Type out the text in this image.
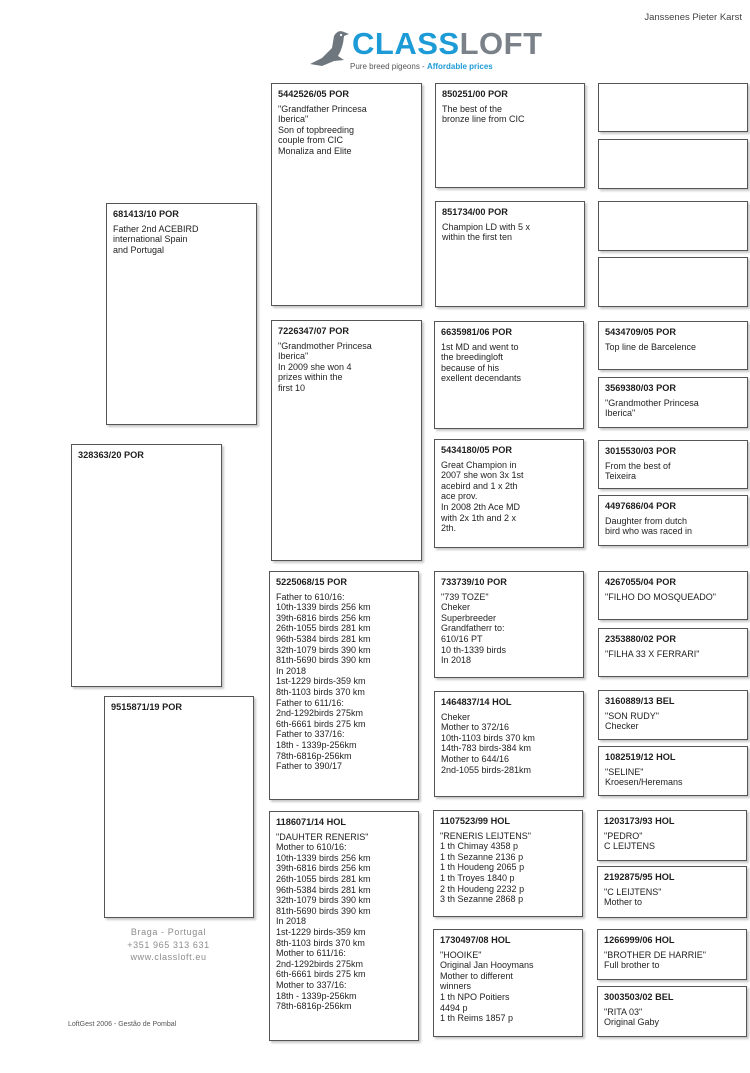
Janssenes Pieter Karst
CLASSLOFT
Pure breed pigeons - Affordable prices
328363/20 POR
681413/10 POR
Father 2nd ACEBIRD
international Spain
and Portugal
9515871/19 POR
5442526/05 POR
"Grandfather Princesa
Iberica"
Son of topbreeding
couple from CIC
Monaliza and Elite
7226347/07 POR
"Grandmother Princesa
Iberica"
In 2009 she won 4
prizes within the
first 10
5225068/15 POR
Father to 610/16:
10th-1339 birds 256 km
39th-6816 birds 256 km
26th-1055 birds 281 km
96th-5384 birds 281 km
32th-1079 birds 390 km
81th-5690 birds 390 km
In 2018
1st-1229 birds-359 km
8th-1103 birds 370 km
Father to 611/16:
2nd-1292birds 275km
6th-6661 birds 275 km
Father to 337/16:
18th - 1339p-256km
78th-6816p-256km
Father to 390/17
1186071/14 HOL
"DAUHTER RENERIS"
Mother to 610/16:
10th-1339 birds 256 km
39th-6816 birds 256 km
26th-1055 birds 281 km
96th-5384 birds 281 km
32th-1079 birds 390 km
81th-5690 birds 390 km
In 2018
1st-1229 birds-359 km
8th-1103 birds 370 km
Mother to 611/16:
2nd-1292birds 275km
6th-6661 birds 275 km
Mother to 337/16:
18th - 1339p-256km
78th-6816p-256km
850251/00 POR
The best of the
bronze line from CIC
851734/00 POR
Champion LD with 5 x
within the first ten
6635981/06 POR
1st MD and went to
the breedingloft
because of his
exellent decendants
5434180/05 POR
Great Champion in
2007 she won 3x 1st
acebird and 1 x 2th
ace prov.
In 2008 2th Ace MD
with 2x 1th and 2 x
2th.
733739/10 POR
"739 TOZE"
Cheker
Superbreeder
Grandfatherr to:
610/16 PT
10 th-1339 birds
In 2018
1464837/14 HOL
Cheker
Mother to 372/16
10th-1103 birds 370 km
14th-783 birds-384 km
Mother to 644/16
2nd-1055 birds-281km
1107523/99 HOL
"RENERIS LEIJTENS"
1 th Chimay 4358 p
1 th Sezanne 2136 p
1 th Houdeng 2065 p
1 th Troyes 1840 p
2 th Houdeng 2232 p
3 th Sezanne 2868 p
1730497/08 HOL
"HOOIKE"
Original Jan Hooymans
Mother to different
winners
1 th NPO Poitiers
4494 p
1 th Reims 1857 p
5434709/05 POR
Top line de Barcelence
3569380/03 POR
"Grandmother Princesa
Iberica"
3015530/03 POR
From the best of
Teixeira
4497686/04 POR
Daughter from dutch
bird who was raced in
4267055/04 POR
"FILHO DO MOSQUEADO"
2353880/02 POR
"FILHA 33 X FERRARI"
3160889/13 BEL
"SON RUDY"
Checker
1082519/12 HOL
"SELINE"
Kroesen/Heremans
1203173/93 HOL
"PEDRO"
C LEIJTENS
2192875/95 HOL
"C LEIJTENS"
Mother to
1266999/06 HOL
"BROTHER DE HARRIE"
Full brother to
3003503/02 BEL
"RITA 03"
Original Gaby
Braga - Portugal
+351 965 313 631
www.classloft.eu
LoftGest 2006 - Gestão de Pombal
